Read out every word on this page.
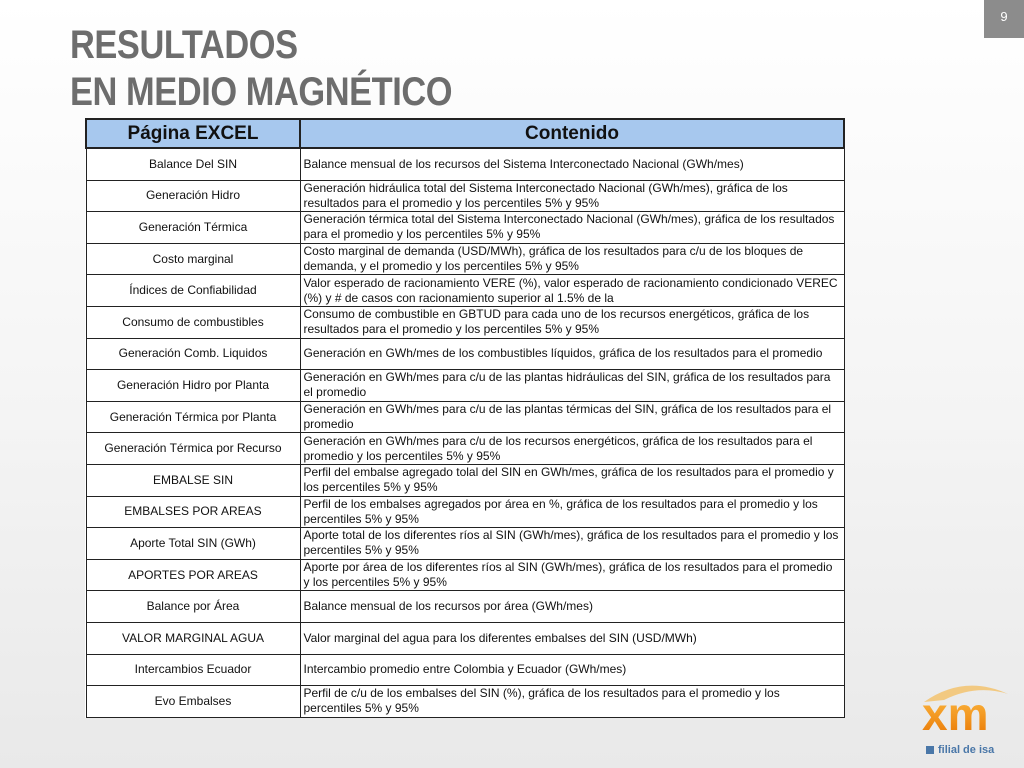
9
RESULTADOS
EN MEDIO MAGNÉTICO
Página EXCEL	Contenido
Balance Del SIN	Balance mensual de los recursos del Sistema Interconectado Nacional (GWh/mes)
Generación Hidro	Generación hidráulica total del Sistema Interconectado Nacional (GWh/mes), gráfica de los resultados para el promedio y los percentiles 5% y 95%
Generación Térmica	Generación térmica total del Sistema Interconectado Nacional (GWh/mes), gráfica de los resultados para el promedio y los percentiles 5% y 95%
Costo marginal	Costo marginal de demanda (USD/MWh), gráfica de los resultados para c/u de los bloques de demanda, y el promedio y los percentiles 5% y 95%
Índices de Confiabilidad	Valor esperado de racionamiento VERE (%), valor esperado de racionamiento condicionado VEREC (%) y # de casos con racionamiento superior al 1.5% de la
Consumo de combustibles	Consumo de combustible en GBTUD para cada uno de los recursos energéticos, gráfica de los resultados para el promedio y los percentiles 5% y 95%
Generación Comb. Liquidos	Generación en GWh/mes de los combustibles líquidos, gráfica de los resultados para el promedio
Generación Hidro por Planta	Generación en GWh/mes para c/u de las plantas hidráulicas del SIN, gráfica de los resultados para el promedio
Generación Térmica por Planta	Generación en GWh/mes para c/u de las plantas térmicas del SIN, gráfica de los resultados para el promedio
Generación Térmica por Recurso	Generación en GWh/mes para c/u de los recursos energéticos, gráfica de los resultados para el promedio y los percentiles 5% y 95%
EMBALSE SIN	Perfil del embalse agregado tolal del SIN en GWh/mes, gráfica de los resultados para el promedio y los percentiles 5% y 95%
EMBALSES POR AREAS	Perfil de los embalses agregados por área en %, gráfica de los resultados para el promedio y los percentiles 5% y 95%
Aporte Total SIN (GWh)	Aporte total de los diferentes ríos al SIN (GWh/mes), gráfica de los resultados para el promedio y los percentiles 5% y 95%
APORTES POR AREAS	Aporte por área de los diferentes ríos al SIN (GWh/mes), gráfica de los resultados para el promedio y los percentiles 5% y 95%
Balance por Área	Balance mensual de los recursos por área (GWh/mes)
VALOR MARGINAL AGUA	Valor marginal del agua para los diferentes embalses del SIN (USD/MWh)
Intercambios Ecuador	Intercambio promedio entre Colombia y Ecuador (GWh/mes)
Evo Embalses	Perfil de c/u de los embalses del SIN (%), gráfica de los resultados para el promedio y los percentiles 5% y 95%	xm
filial de isa
